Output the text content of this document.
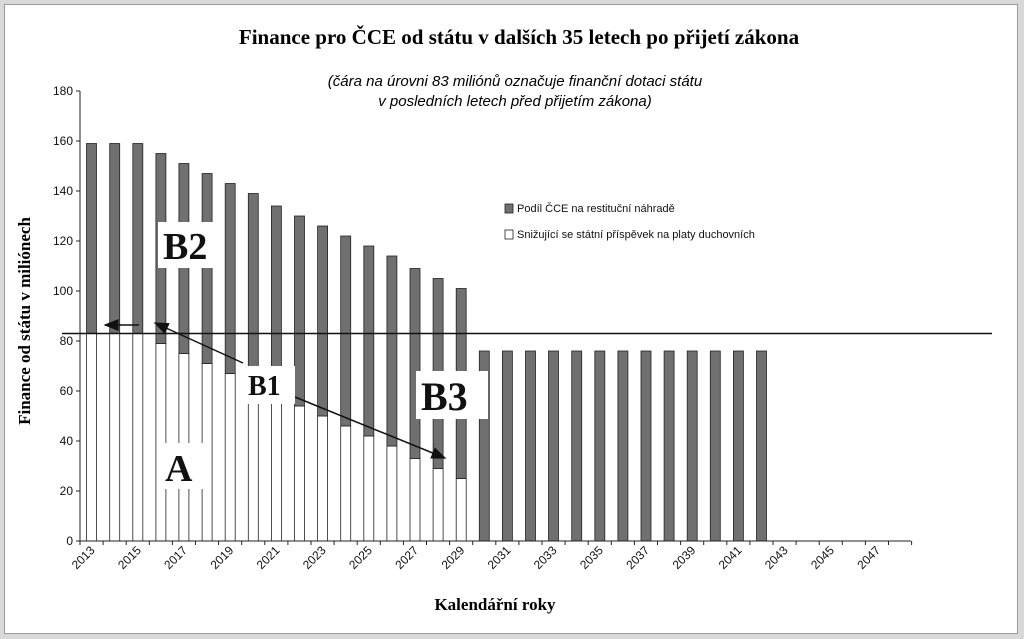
Finance pro ČCE od státu v dalších 35 letech po přijetí zákona
(čára na úrovni 83 miliónů označuje finanční dotaci státu
v posledních letech před přijetím zákona)
0
20
40
60
80
100
120
140
160
180
2013 2015 2017 2019 2021 2023 2025 2027 2029 2031 2033 2035 2037 2039 2041 2043 2045 2047
Finance od státu v miliónech
Kalendářní roky
Podíl ČCE na restituční náhradě
Snižující se státní příspěvek na platy duchovních
B2
B1	B3
A
